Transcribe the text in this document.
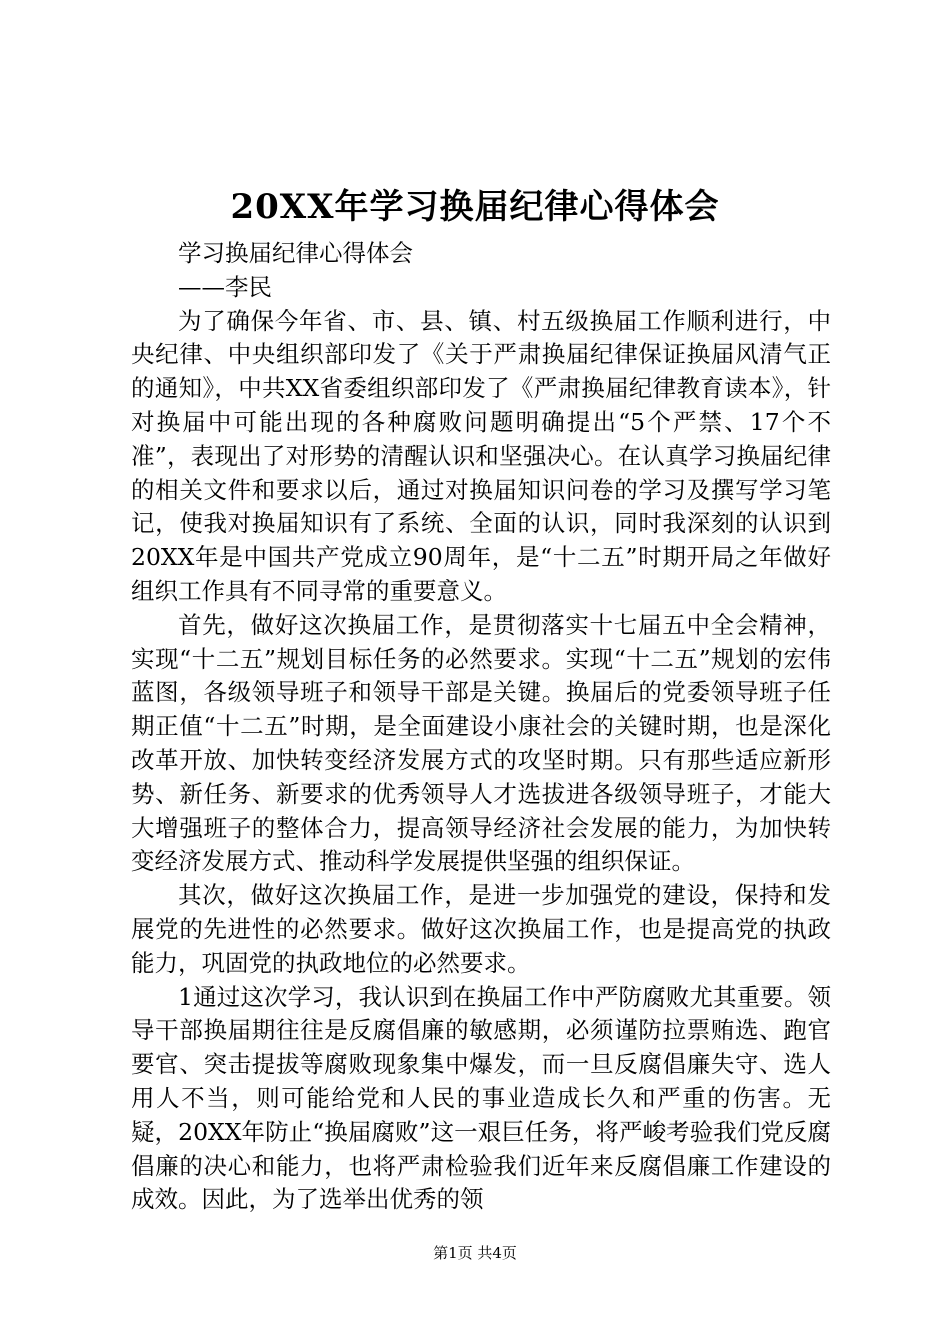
20XX年学习换届纪律心得体会

学习换届纪律心得体会

——李民

为了确保今年省、市、县、镇、村五级换届工作顺利进行，中央纪律、中央组织部印发了《关于严肃换届纪律保证换届风清气正的通知》，中共XX省委组织部印发了《严肃换届纪律教育读本》，针对换届中可能出现的各种腐败问题明确提出“5个严禁、17个不准”，表现出了对形势的清醒认识和坚强决心。在认真学习换届纪律的相关文件和要求以后，通过对换届知识问卷的学习及撰写学习笔记，使我对换届知识有了系统、全面的认识，同时我深刻的认识到20XX年是中国共产党成立90周年，是“十二五”时期开局之年做好组织工作具有不同寻常的重要意义。

首先，做好这次换届工作，是贯彻落实十七届五中全会精神，实现“十二五”规划目标任务的必然要求。实现“十二五”规划的宏伟蓝图，各级领导班子和领导干部是关键。换届后的党委领导班子任期正值“十二五”时期，是全面建设小康社会的关键时期，也是深化改革开放、加快转变经济发展方式的攻坚时期。只有那些适应新形势、新任务、新要求的优秀领导人才选拔进各级领导班子，才能大大增强班子的整体合力，提高领导经济社会发展的能力，为加快转变经济发展方式、推动科学发展提供坚强的组织保证。

其次，做好这次换届工作，是进一步加强党的建设，保持和发展党的先进性的必然要求。做好这次换届工作，也是提高党的执政能力，巩固党的执政地位的必然要求。

1通过这次学习，我认识到在换届工作中严防腐败尤其重要。领导干部换届期往往是反腐倡廉的敏感期，必须谨防拉票贿选、跑官要官、突击提拔等腐败现象集中爆发，而一旦反腐倡廉失守、选人用人不当，则可能给党和人民的事业造成长久和严重的伤害。无疑，20XX年防止“换届腐败”这一艰巨任务，将严峻考验我们党反腐倡廉的决心和能力，也将严肃检验我们近年来反腐倡廉工作建设的成效。因此，为了选举出优秀的领

第1页 共4页
